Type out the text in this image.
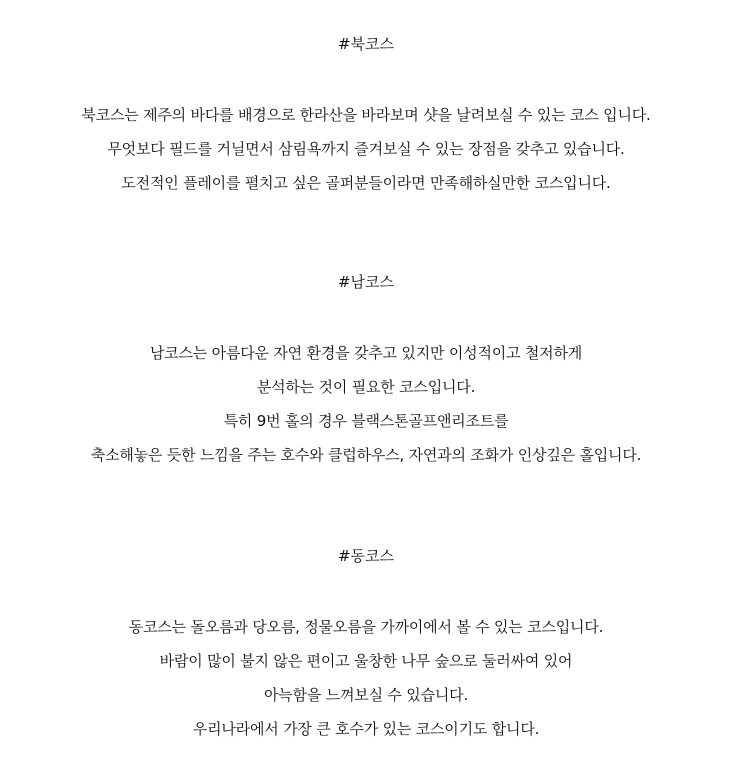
#북코스
북코스는 제주의 바다를 배경으로 한라산을 바라보며 샷을 날려보실 수 있는 코스 입니다.
무엇보다 필드를 거닐면서 삼림욕까지 즐겨보실 수 있는 장점을 갖추고 있습니다.
도전적인 플레이를 펼치고 싶은 골퍼분들이라면 만족해하실만한 코스입니다.
#남코스
남코스는 아름다운 자연 환경을 갖추고 있지만 이성적이고 철저하게
분석하는 것이 필요한 코스입니다.
특히 9번 홀의 경우 블랙스톤골프앤리조트를
축소해놓은 듯한 느낌을 주는 호수와 클럽하우스, 자연과의 조화가 인상깊은 홀입니다.
#동코스
동코스는 돌오름과 당오름, 정물오름을 가까이에서 볼 수 있는 코스입니다.
바람이 많이 불지 않은 편이고 울창한 나무 숲으로 둘러싸여 있어
아늑함을 느껴보실 수 있습니다.
우리나라에서 가장 큰 호수가 있는 코스이기도 합니다.
